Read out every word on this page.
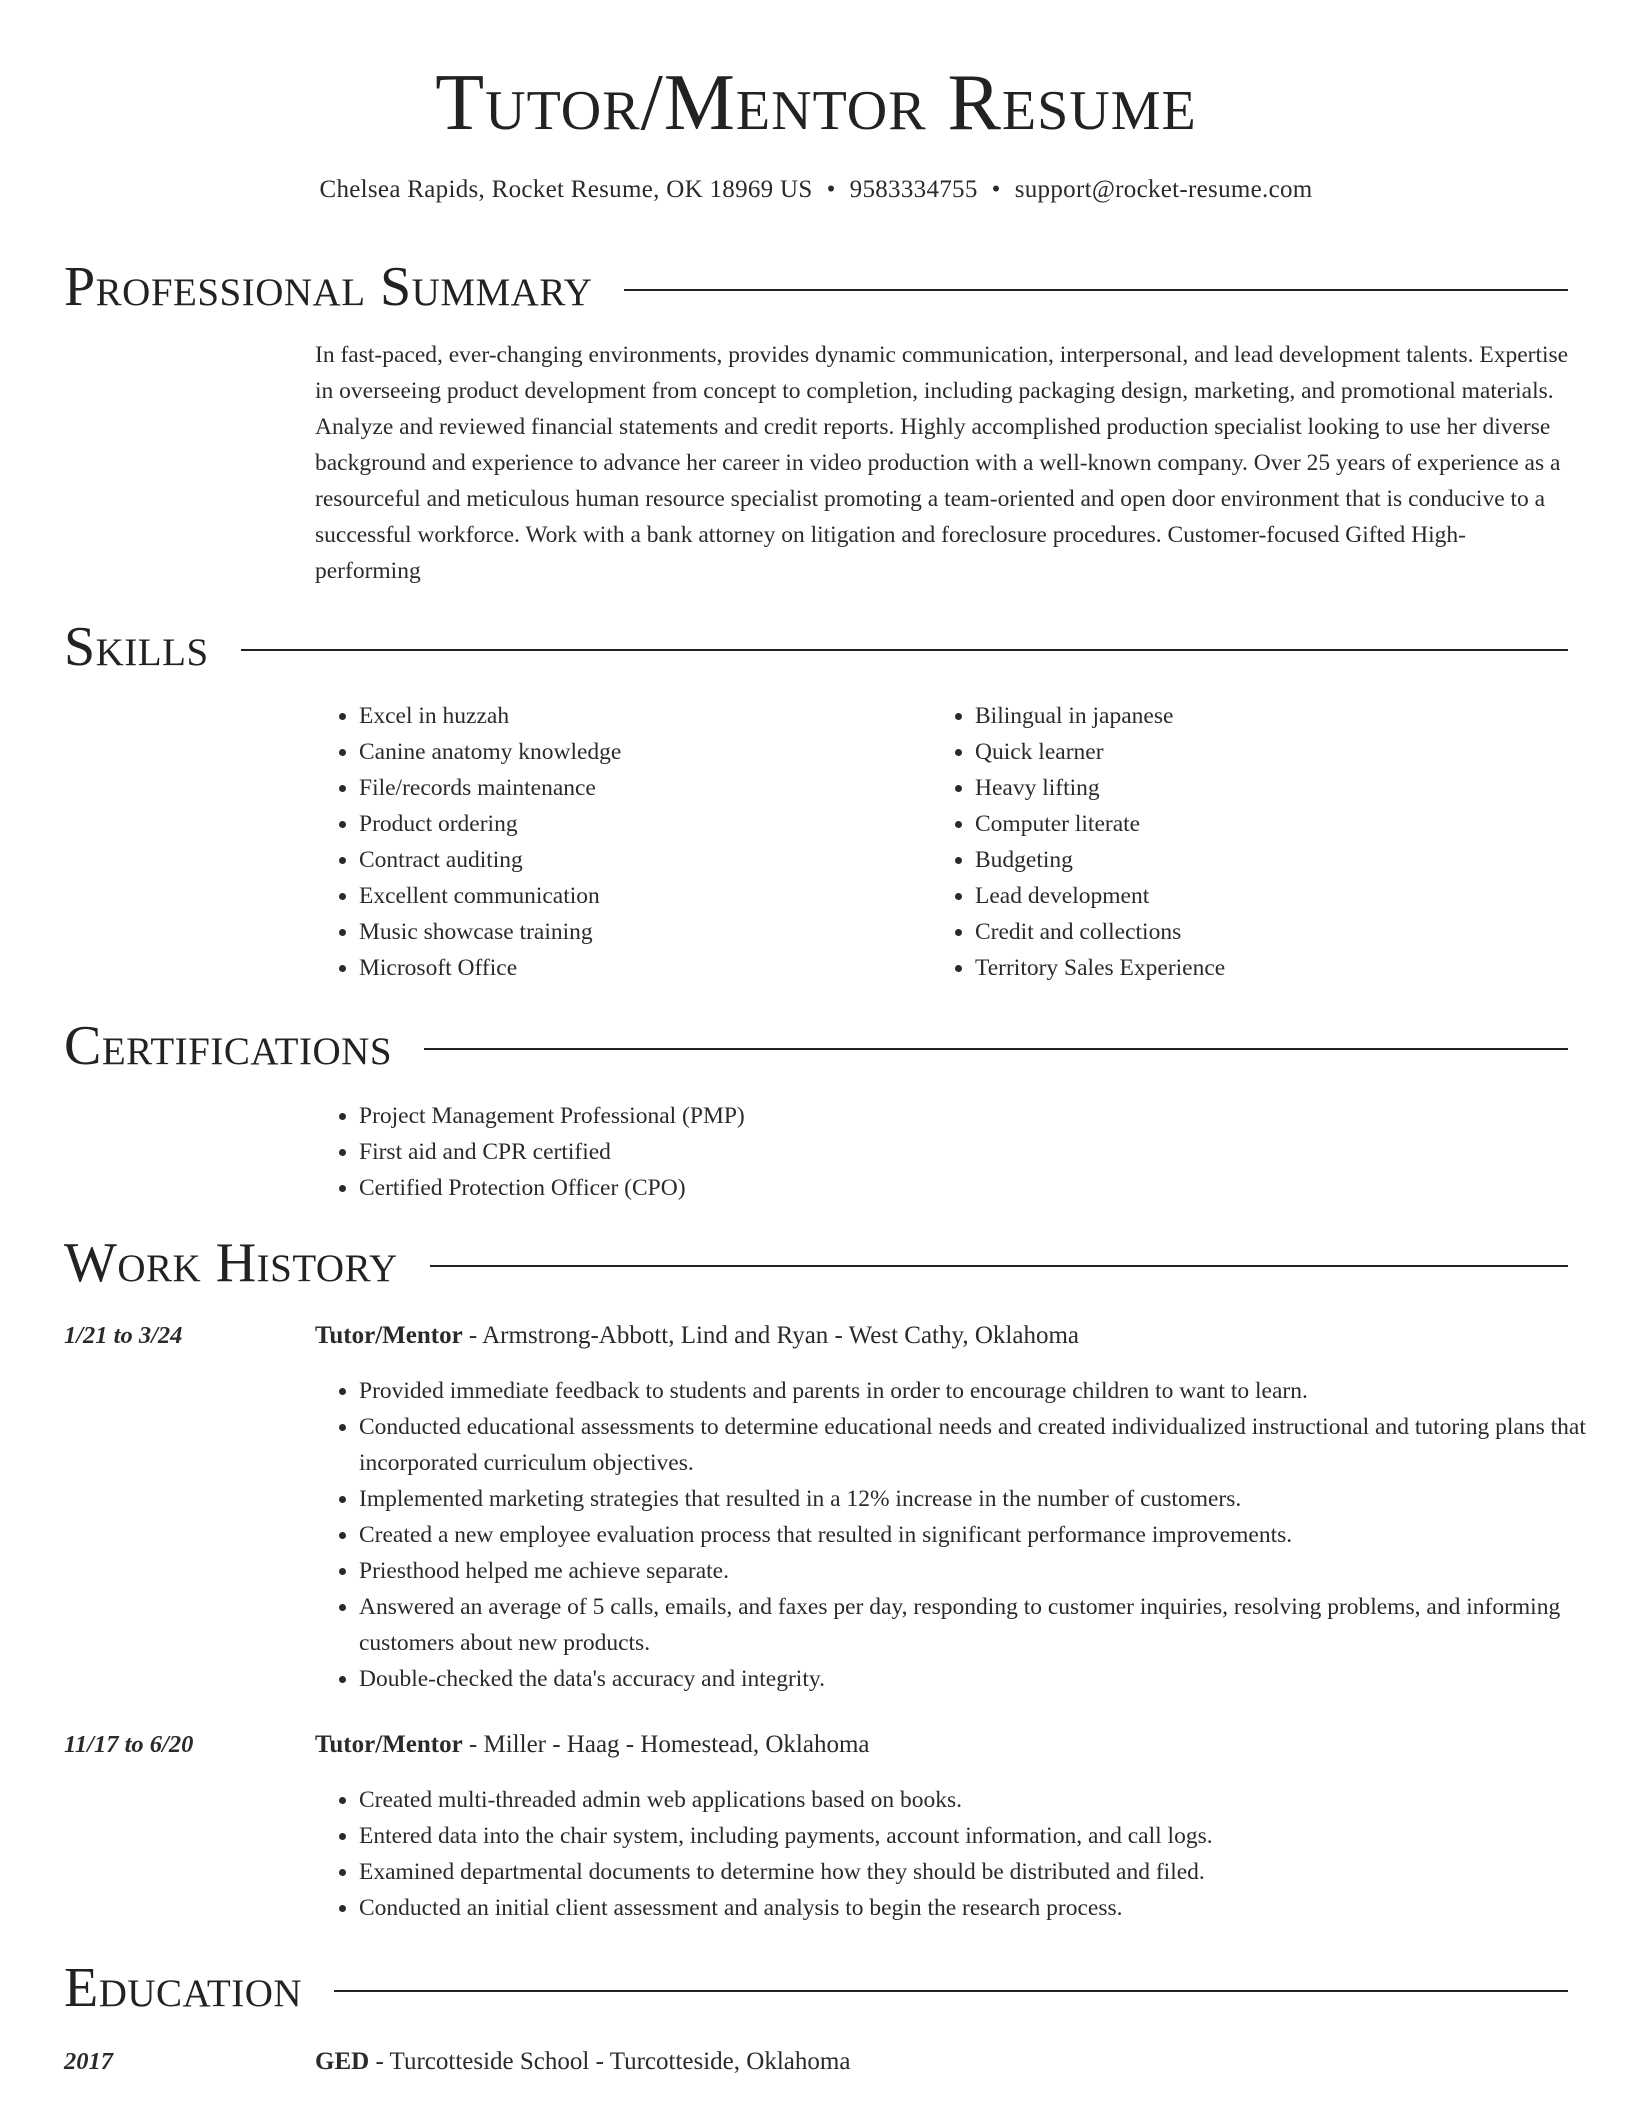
Tutor/Mentor Resume
Chelsea Rapids, Rocket Resume, OK 18969 US • 9583334755 • support@rocket-resume.com
Professional Summary
In fast-paced, ever-changing environments, provides dynamic communication, interpersonal, and lead development talents. Expertise in overseeing product development from concept to completion, including packaging design, marketing, and promotional materials. Analyze and reviewed financial statements and credit reports. Highly accomplished production specialist looking to use her diverse background and experience to advance her career in video production with a well-known company. Over 25 years of experience as a resourceful and meticulous human resource specialist promoting a team-oriented and open door environment that is conducive to a successful workforce. Work with a bank attorney on litigation and foreclosure procedures. Customer-focused Gifted High-performing
Skills
• Excel in huzzah
• Canine anatomy knowledge
• File/records maintenance
• Product ordering
• Contract auditing
• Excellent communication
• Music showcase training
• Microsoft Office
• Bilingual in japanese
• Quick learner
• Heavy lifting
• Computer literate
• Budgeting
• Lead development
• Credit and collections
• Territory Sales Experience
Certifications
• Project Management Professional (PMP)
• First aid and CPR certified
• Certified Protection Officer (CPO)
Work History
1/21 to 3/24	Tutor/Mentor - Armstrong-Abbott, Lind and Ryan - West Cathy, Oklahoma
• Provided immediate feedback to students and parents in order to encourage children to want to learn.
• Conducted educational assessments to determine educational needs and created individualized instructional and tutoring plans that incorporated curriculum objectives.
• Implemented marketing strategies that resulted in a 12% increase in the number of customers.
• Created a new employee evaluation process that resulted in significant performance improvements.
• Priesthood helped me achieve separate.
• Answered an average of 5 calls, emails, and faxes per day, responding to customer inquiries, resolving problems, and informing customers about new products.
• Double-checked the data's accuracy and integrity.
11/17 to 6/20	Tutor/Mentor - Miller - Haag - Homestead, Oklahoma
• Created multi-threaded admin web applications based on books.
• Entered data into the chair system, including payments, account information, and call logs.
• Examined departmental documents to determine how they should be distributed and filed.
• Conducted an initial client assessment and analysis to begin the research process.
Education
2017	GED - Turcotteside School - Turcotteside, Oklahoma
